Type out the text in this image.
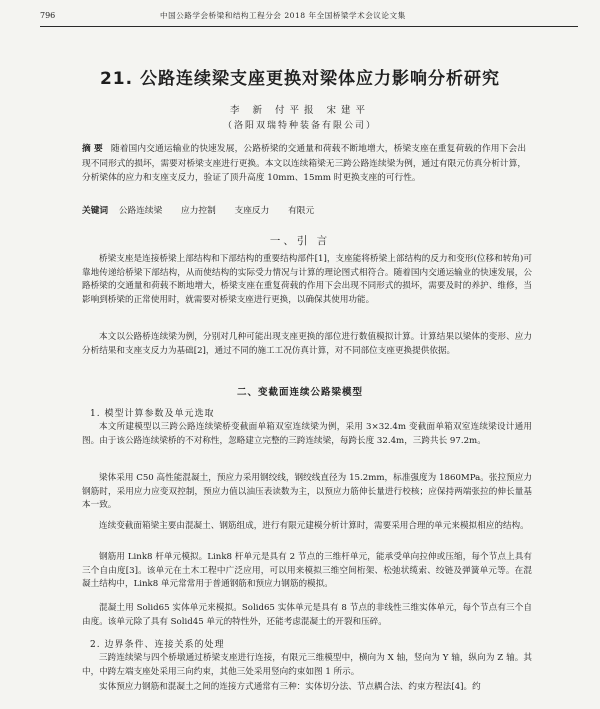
796	中国公路学会桥梁和结构工程分会 2018 年全国桥梁学术会议论文集
21. 公路连续梁支座更换对梁体应力影响分析研究
李 新 付平报 宋建平
（洛阳双瑞特种装备有限公司）
摘 要 随着国内交通运输业的快速发展，公路桥梁的交通量和荷载不断地增大，桥梁支座在重复荷载的作用下会出现不同形式的损坏，需要对桥梁支座进行更换。本文以连续箱梁无三跨公路连续梁为例，通过有限元仿真分析计算，分析梁体的应力和支座支反力，验证了顶升高度 10mm、15mm 时更换支座的可行性。
关键词 公路连续梁 应力控制 支座反力 有限元
一、引 言
桥梁支座是连接桥梁上部结构和下部结构的重要结构部件[1]，支座能将桥梁上部结构的反力和变形(位移和转角)可靠地传递给桥梁下部结构，从而使结构的实际受力情况与计算的理论图式相符合。随着国内交通运输业的快速发展，公路桥梁的交通量和荷载不断地增大，桥梁支座在重复荷载的作用下会出现不同形式的损坏，需要及时的养护、维修，当影响到桥梁的正常使用时，就需要对桥梁支座进行更换，以确保其使用功能。
本文以公路桥连续梁为例，分别对几种可能出现支座更换的部位进行数值模拟计算。计算结果以梁体的变形、应力分析结果和支座支反力为基础[2]，通过不同的施工工况仿真计算，对不同部位支座更换提供依据。
二、变截面连续公路梁模型
1. 模型计算参数及单元选取
本文所建模型以三跨公路连续梁桥变截面单箱双室连续梁为例，采用 3×32.4m 变截面单箱双室连续梁设计通用图。由于该公路连续梁桥的不对称性，忽略建立完整的三跨连续梁，每跨长度 32.4m，三跨共长 97.2m。
梁体采用 C50 高性能混凝土，预应力采用钢绞线，钢绞线直径为 15.2mm，标准强度为 1860MPa。张拉预应力钢筋时，采用应力应变双控制，预应力值以油压表读数为主，以预应力筋伸长量进行校核；应保持两端张拉的伸长量基本一致。
连续变截面箱梁主要由混凝土、钢筋组成，进行有限元建模分析计算时，需要采用合理的单元来模拟相应的结构。
钢筋用 Link8 杆单元模拟。Link8 杆单元是具有 2 节点的三维杆单元，能承受单向拉伸或压缩，每个节点上具有三个自由度[3]。该单元在土木工程中广泛应用，可以用来模拟三维空间桁架、松弛状缆索、绞链及弹簧单元等。在混凝土结构中，Link8 单元常常用于普通钢筋和预应力钢筋的模拟。
混凝土用 Solid65 实体单元来模拟。Solid65 实体单元是具有 8 节点的非线性三维实体单元，每个节点有三个自由度。该单元除了具有 Solid45 单元的特性外，还能考虑混凝土的开裂和压碎。
2. 边界条件、连接关系的处理
三跨连续梁与四个桥墩通过桥梁支座进行连接，有限元三维模型中，横向为 X 轴，竖向为 Y 轴，纵向为 Z 轴。其中，中跨左端支座处采用三向约束，其他三处采用竖向约束如图 1 所示。
实体预应力钢筋和混凝土之间的连接方式通常有三种：实体切分法、节点耦合法、约束方程法[4]。约
